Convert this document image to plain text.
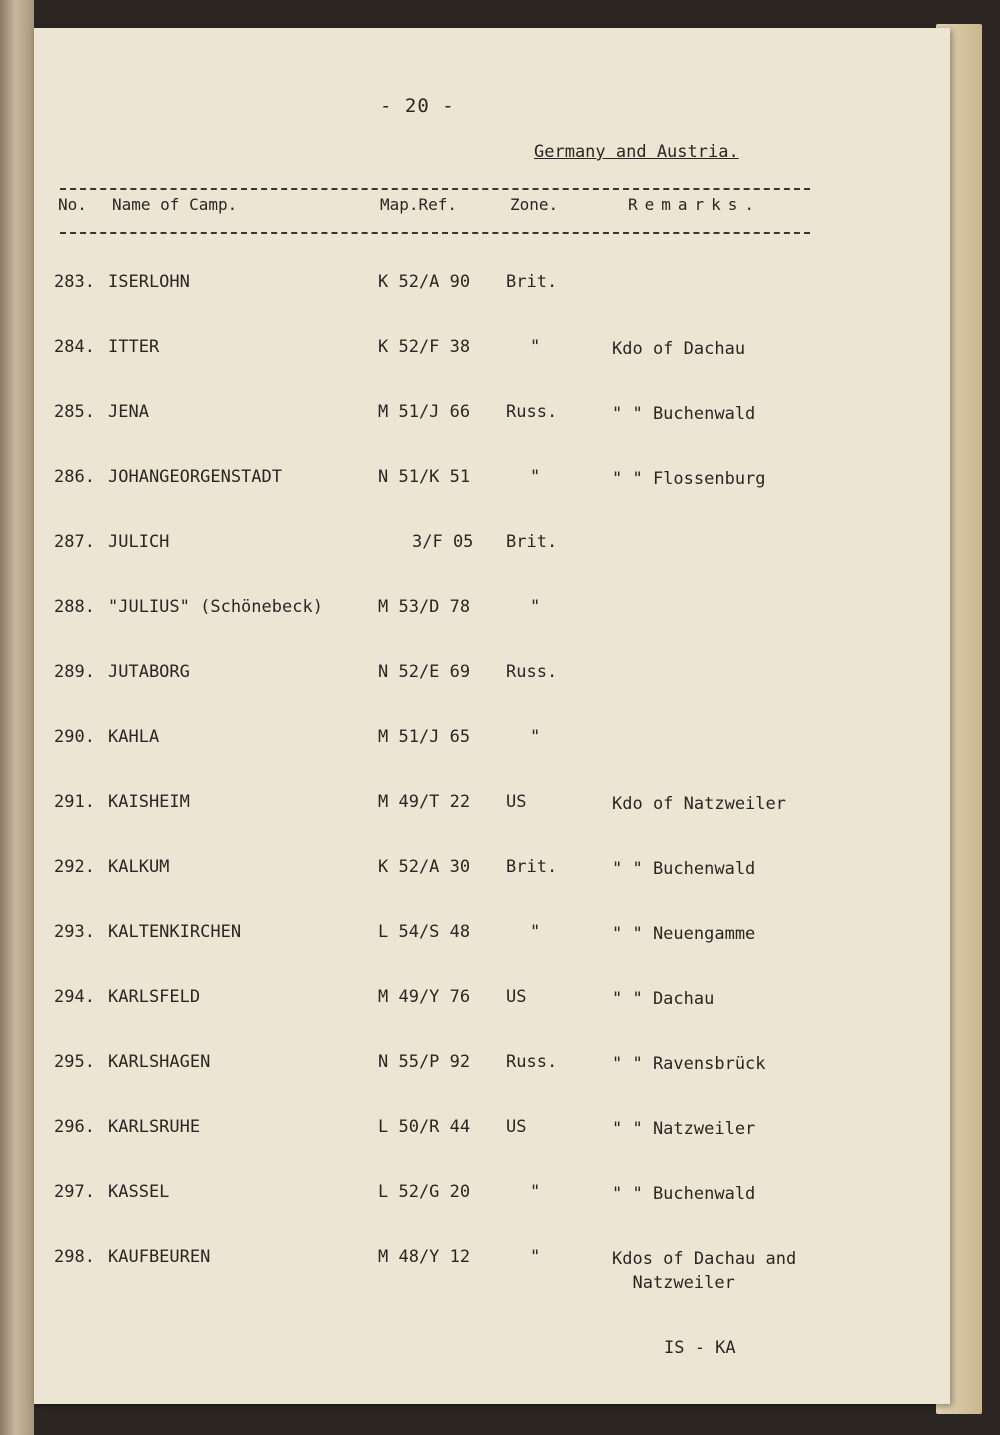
- 20 -
Germany and Austria.
No. Name of Camp.	Map.Ref.	Zone.	Remarks.
283. ISERLOHN	K 52/A 90 Brit.
284. ITTER	K 52/F 38	"	Kdo of Dachau
285. JENA	M 51/J 66 Russ.	" " Buchenwald
286. JOHANGEORGENSTADT	N 51/K 51	"	" " Flossenburg
287. JULICH	3/F 05 Brit.
288. "JULIUS" (Schönebeck)	M 53/D 78	"
289. JUTABORG	N 52/E 69 Russ.
290. KAHLA	M 51/J 65	"
291. KAISHEIM	M 49/T 22 US	Kdo of Natzweiler
292. KALKUM	K 52/A 30 Brit.	" " Buchenwald
293. KALTENKIRCHEN	L 54/S 48	"	" " Neuengamme
294. KARLSFELD	M 49/Y 76 US	" " Dachau
295. KARLSHAGEN	N 55/P 92 Russ.	" " Ravensbrück
296. KARLSRUHE	L 50/R 44 US	" " Natzweiler
297. KASSEL	L 52/G 20	"	" " Buchenwald
298. KAUFBEUREN	M 48/Y 12	"	Kdos of Dachau and
Natzweiler
IS - KA
